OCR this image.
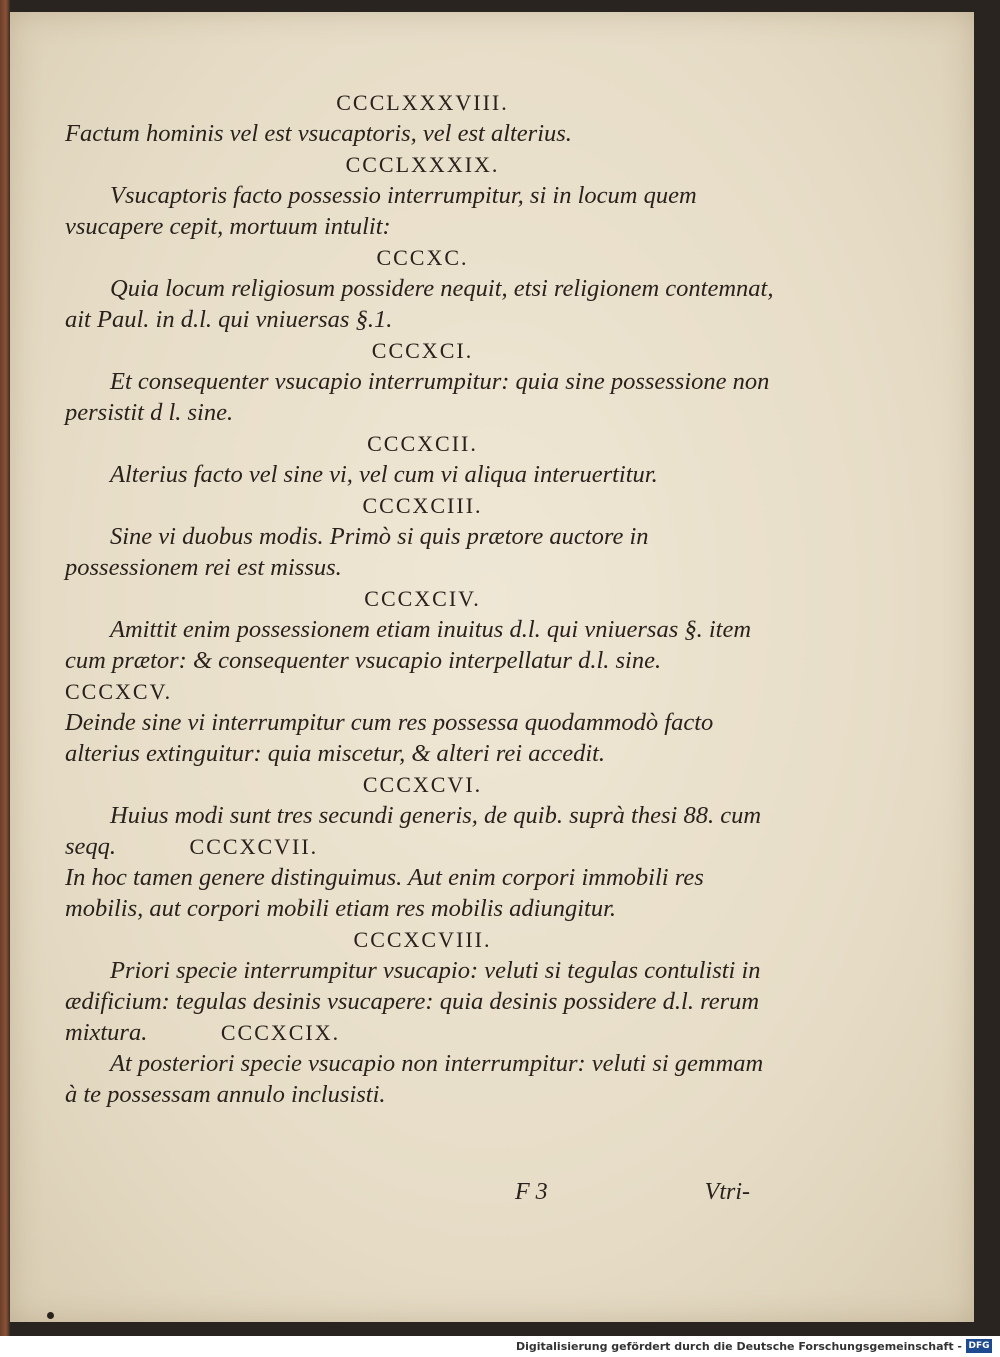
CCCLXXXVIII.
Factum hominis vel est vsucaptoris, vel est alterius.
CCCLXXXIX.
Vsucaptoris facto possessio interrumpitur, si in locum quem vsucapere cepit, mortuum intulit:
CCCXC.
Quia locum religiosum possidere nequit, etsi religionem contemnat, ait Paul. in d.l. qui vniuersas §.1.
CCCXCI.
Et consequenter vsucapio interrumpitur: quia sine possessione non persistit d l. sine.
CCCXCII.
Alterius facto vel sine vi, vel cum vi aliqua interuertitur.
CCCXCIII.
Sine vi duobus modis. Primò si quis prætore auctore in possessionem rei est missus.
CCCXCIV.
Amittit enim possessionem etiam inuitus d.l. qui vniuersas §. item cum prætor: & consequenter vsucapio interpellatur d.l. sine.   CCCXCV.
Deinde sine vi interrumpitur cum res possessa quodammodò facto alterius extinguitur: quia miscetur, & alteri rei accedit.
CCCXCVI.
Huius modi sunt tres secundi generis, de quib. suprà thesi 88. cum seqq.   	CCCXCVII.
In hoc tamen genere distinguimus. Aut enim corpori immobili res mobilis, aut corpori mobili etiam res mobilis adiungitur.
CCCXCVIII.
Priori specie interrumpitur vsucapio: veluti si tegulas contulisti in ædificium: tegulas desinis vsucapere: quia desinis possidere d.l. rerum mixtura.   	CCCXCIX.
At posteriori specie vsucapio non interrumpitur: veluti si gemmam à te possessam annulo inclusisti.
F 3	Vtri-
Digitalisierung gefördert durch die Deutsche Forschungsgemeinschaft - DFG
